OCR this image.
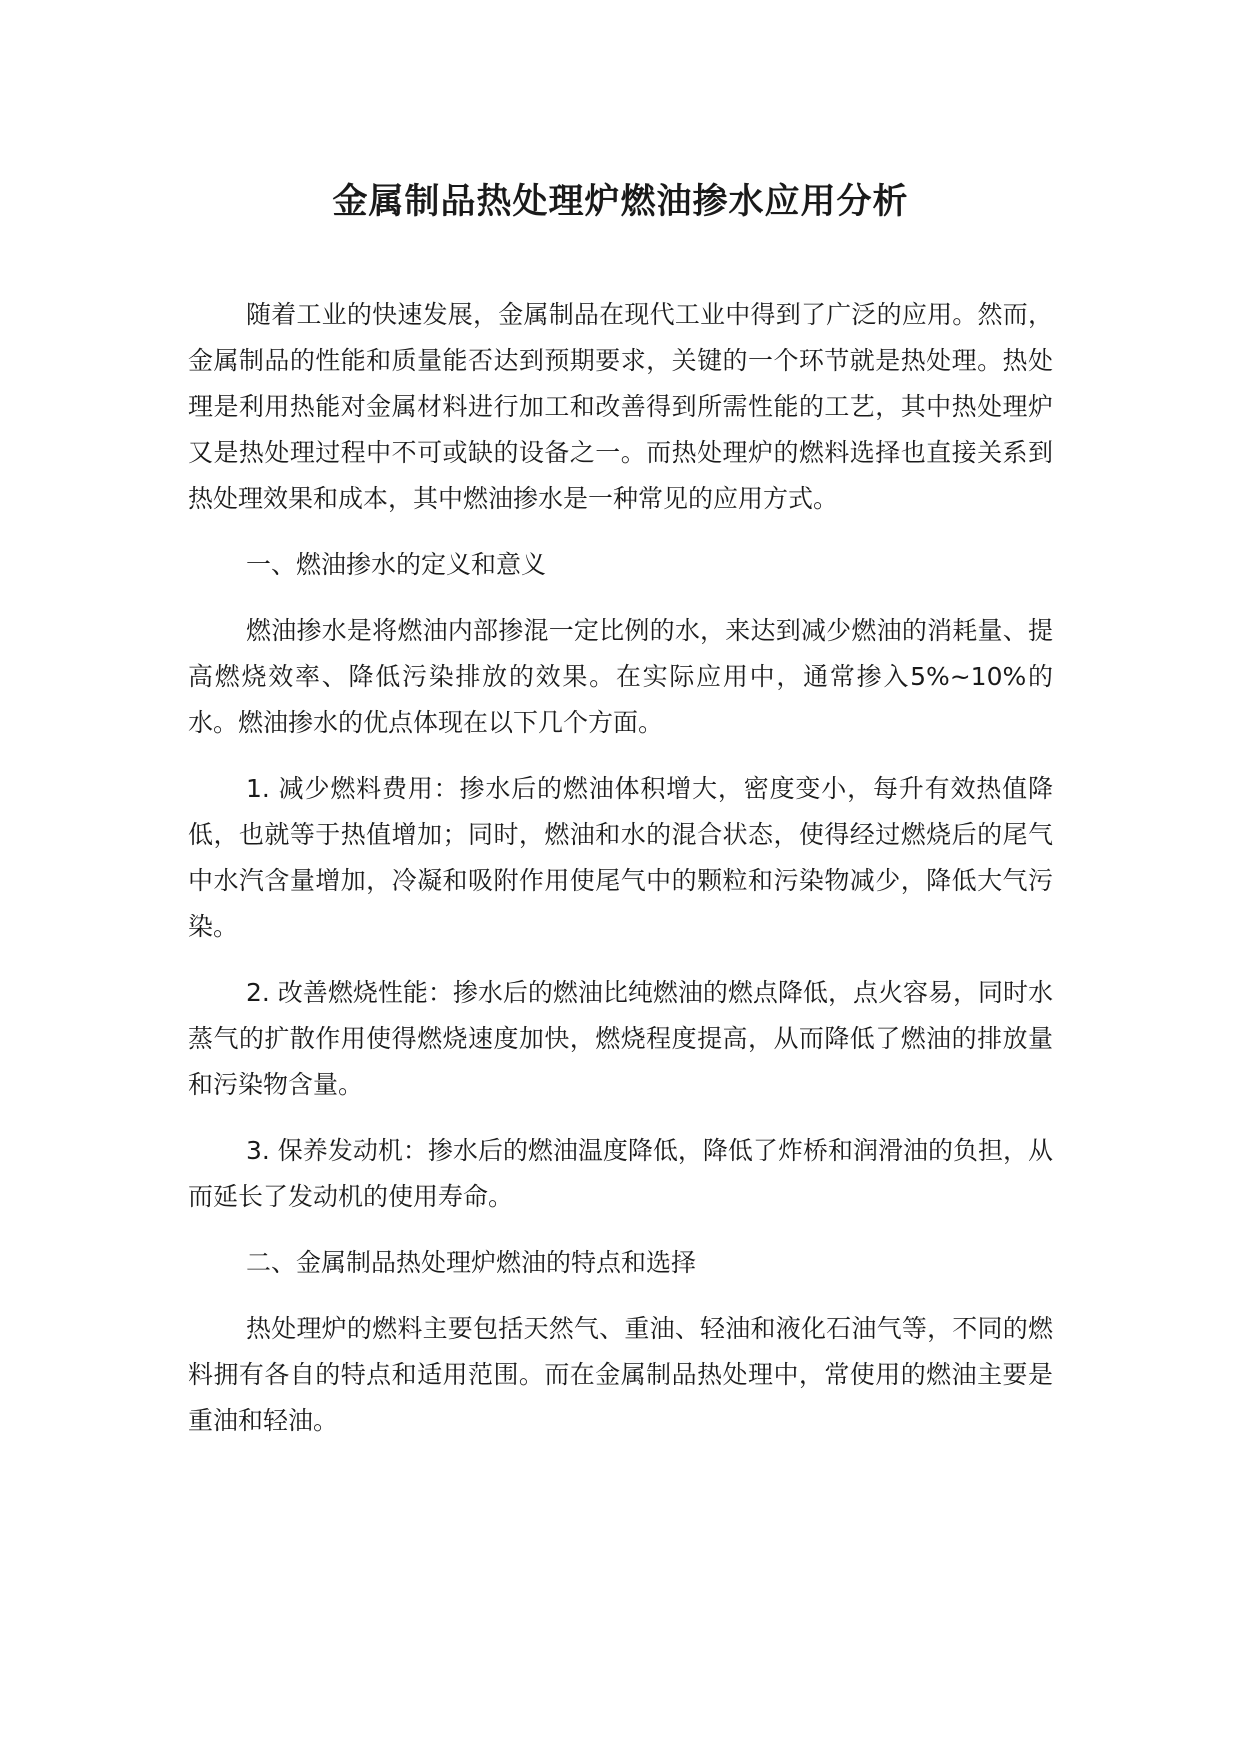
金属制品热处理炉燃油掺水应用分析

随着工业的快速发展，金属制品在现代工业中得到了广泛的应用。然而，金属制品的性能和质量能否达到预期要求，关键的一个环节就是热处理。热处理是利用热能对金属材料进行加工和改善得到所需性能的工艺，其中热处理炉又是热处理过程中不可或缺的设备之一。而热处理炉的燃料选择也直接关系到热处理效果和成本，其中燃油掺水是一种常见的应用方式。

一、燃油掺水的定义和意义

燃油掺水是将燃油内部掺混一定比例的水，来达到减少燃油的消耗量、提高燃烧效率、降低污染排放的效果。在实际应用中，通常掺入5%~10%的水。燃油掺水的优点体现在以下几个方面。

1. 减少燃料费用：掺水后的燃油体积增大，密度变小，每升有效热值降低，也就等于热值增加；同时，燃油和水的混合状态，使得经过燃烧后的尾气中水汽含量增加，冷凝和吸附作用使尾气中的颗粒和污染物减少，降低大气污染。

2. 改善燃烧性能：掺水后的燃油比纯燃油的燃点降低，点火容易，同时水蒸气的扩散作用使得燃烧速度加快，燃烧程度提高，从而降低了燃油的排放量和污染物含量。

3. 保养发动机：掺水后的燃油温度降低，降低了炸桥和润滑油的负担，从而延长了发动机的使用寿命。

二、金属制品热处理炉燃油的特点和选择

热处理炉的燃料主要包括天然气、重油、轻油和液化石油气等，不同的燃料拥有各自的特点和适用范围。而在金属制品热处理中，常使用的燃油主要是重油和轻油。
